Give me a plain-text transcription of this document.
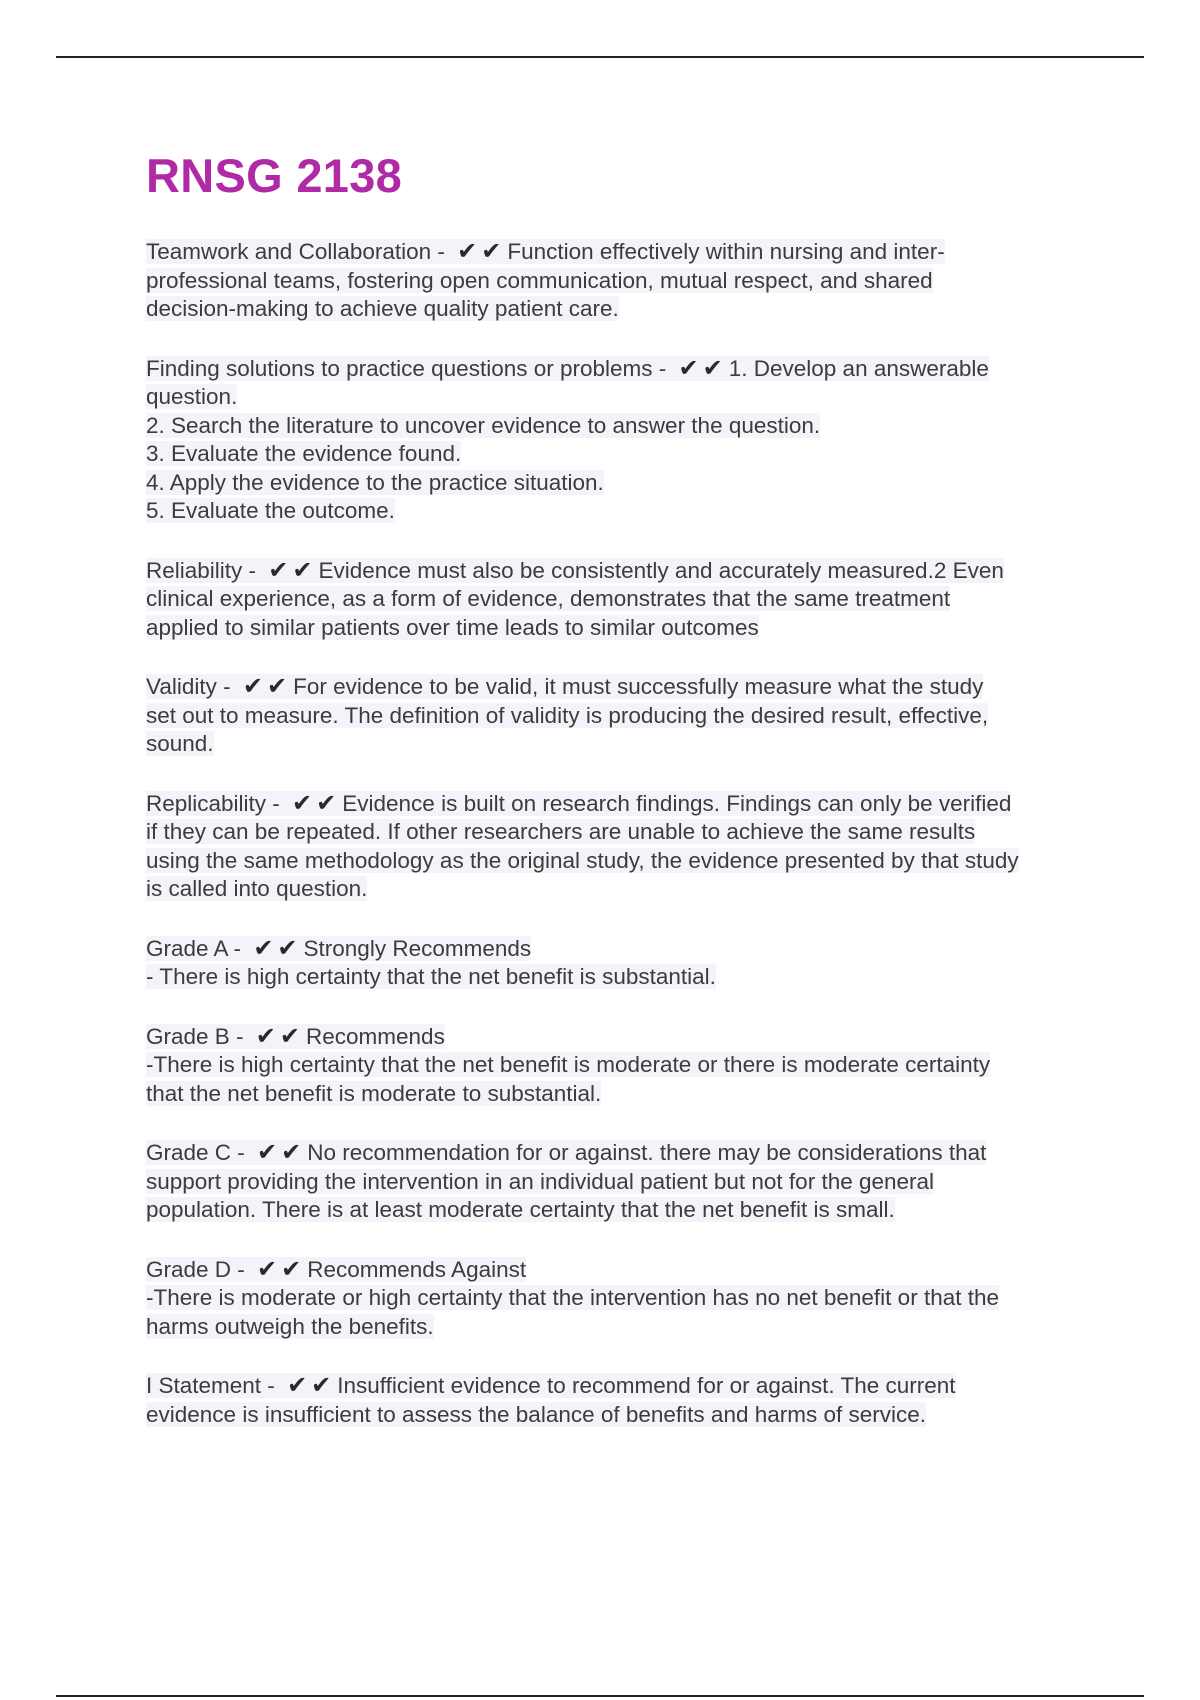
RNSG 2138
Teamwork and Collaboration - ✔✔Function effectively within nursing and inter-
professional teams, fostering open communication, mutual respect, and shared
decision-making to achieve quality patient care.
Finding solutions to practice questions or problems - ✔✔1. Develop an answerable
question.
2. Search the literature to uncover evidence to answer the question.
3. Evaluate the evidence found.
4. Apply the evidence to the practice situation.
5. Evaluate the outcome.
Reliability - ✔✔Evidence must also be consistently and accurately measured.2 Even
clinical experience, as a form of evidence, demonstrates that the same treatment
applied to similar patients over time leads to similar outcomes
Validity - ✔✔For evidence to be valid, it must successfully measure what the study
set out to measure. The definition of validity is producing the desired result, effective,
sound.
Replicability - ✔✔Evidence is built on research findings. Findings can only be verified
if they can be repeated. If other researchers are unable to achieve the same results
using the same methodology as the original study, the evidence presented by that study
is called into question.
Grade A - ✔✔Strongly Recommends
- There is high certainty that the net benefit is substantial.
Grade B - ✔✔Recommends
-There is high certainty that the net benefit is moderate or there is moderate certainty
that the net benefit is moderate to substantial.
Grade C - ✔✔No recommendation for or against. there may be considerations that
support providing the intervention in an individual patient but not for the general
population. There is at least moderate certainty that the net benefit is small.
Grade D - ✔✔Recommends Against
-There is moderate or high certainty that the intervention has no net benefit or that the
harms outweigh the benefits.
I Statement - ✔✔Insufficient evidence to recommend for or against. The current
evidence is insufficient to assess the balance of benefits and harms of service.
